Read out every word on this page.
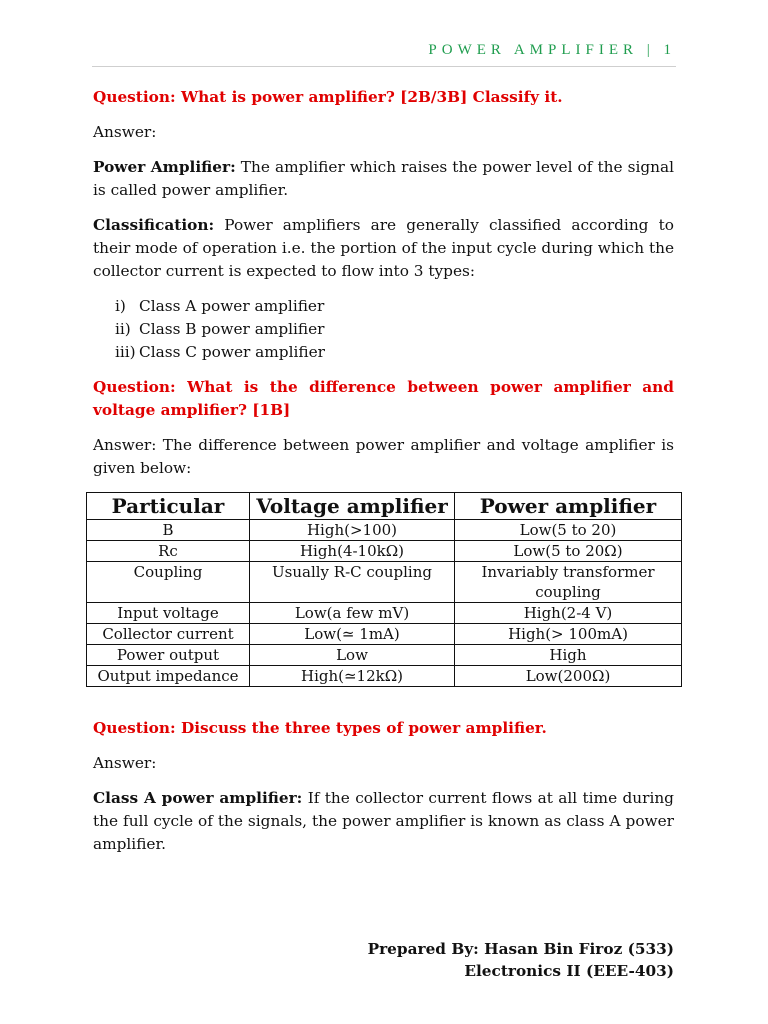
POWER AMPLIFIER | 1

Question: What is power amplifier? [2B/3B] Classify it.

Answer:

Power Amplifier: The amplifier which raises the power level of the signal is called power amplifier.

Classification: Power amplifiers are generally classified according to their mode of operation i.e. the portion of the input cycle during which the collector current is expected to flow into 3 types:

i) Class A power amplifier
ii) Class B power amplifier
iii) Class C power amplifier

Question: What is the difference between power amplifier and voltage amplifier? [1B]

Answer: The difference between power amplifier and voltage amplifier is given below:

Particular	Voltage amplifier	Power amplifier
B	High(>100)	Low(5 to 20)
Rc	High(4-10kΩ)	Low(5 to 20Ω)
Coupling	Usually R-C coupling	Invariably transformer coupling
Input voltage	Low(a few mV)	High(2-4 V)
Collector current	Low(≃ 1mA)	High(> 100mA)
Power output	Low	High
Output impedance	High(≃12kΩ)	Low(200Ω)

Question: Discuss the three types of power amplifier.

Answer:

Class A power amplifier: If the collector current flows at all time during the full cycle of the signals, the power amplifier is known as class A power amplifier.

Prepared By: Hasan Bin Firoz (533)
Electronics II (EEE-403)
